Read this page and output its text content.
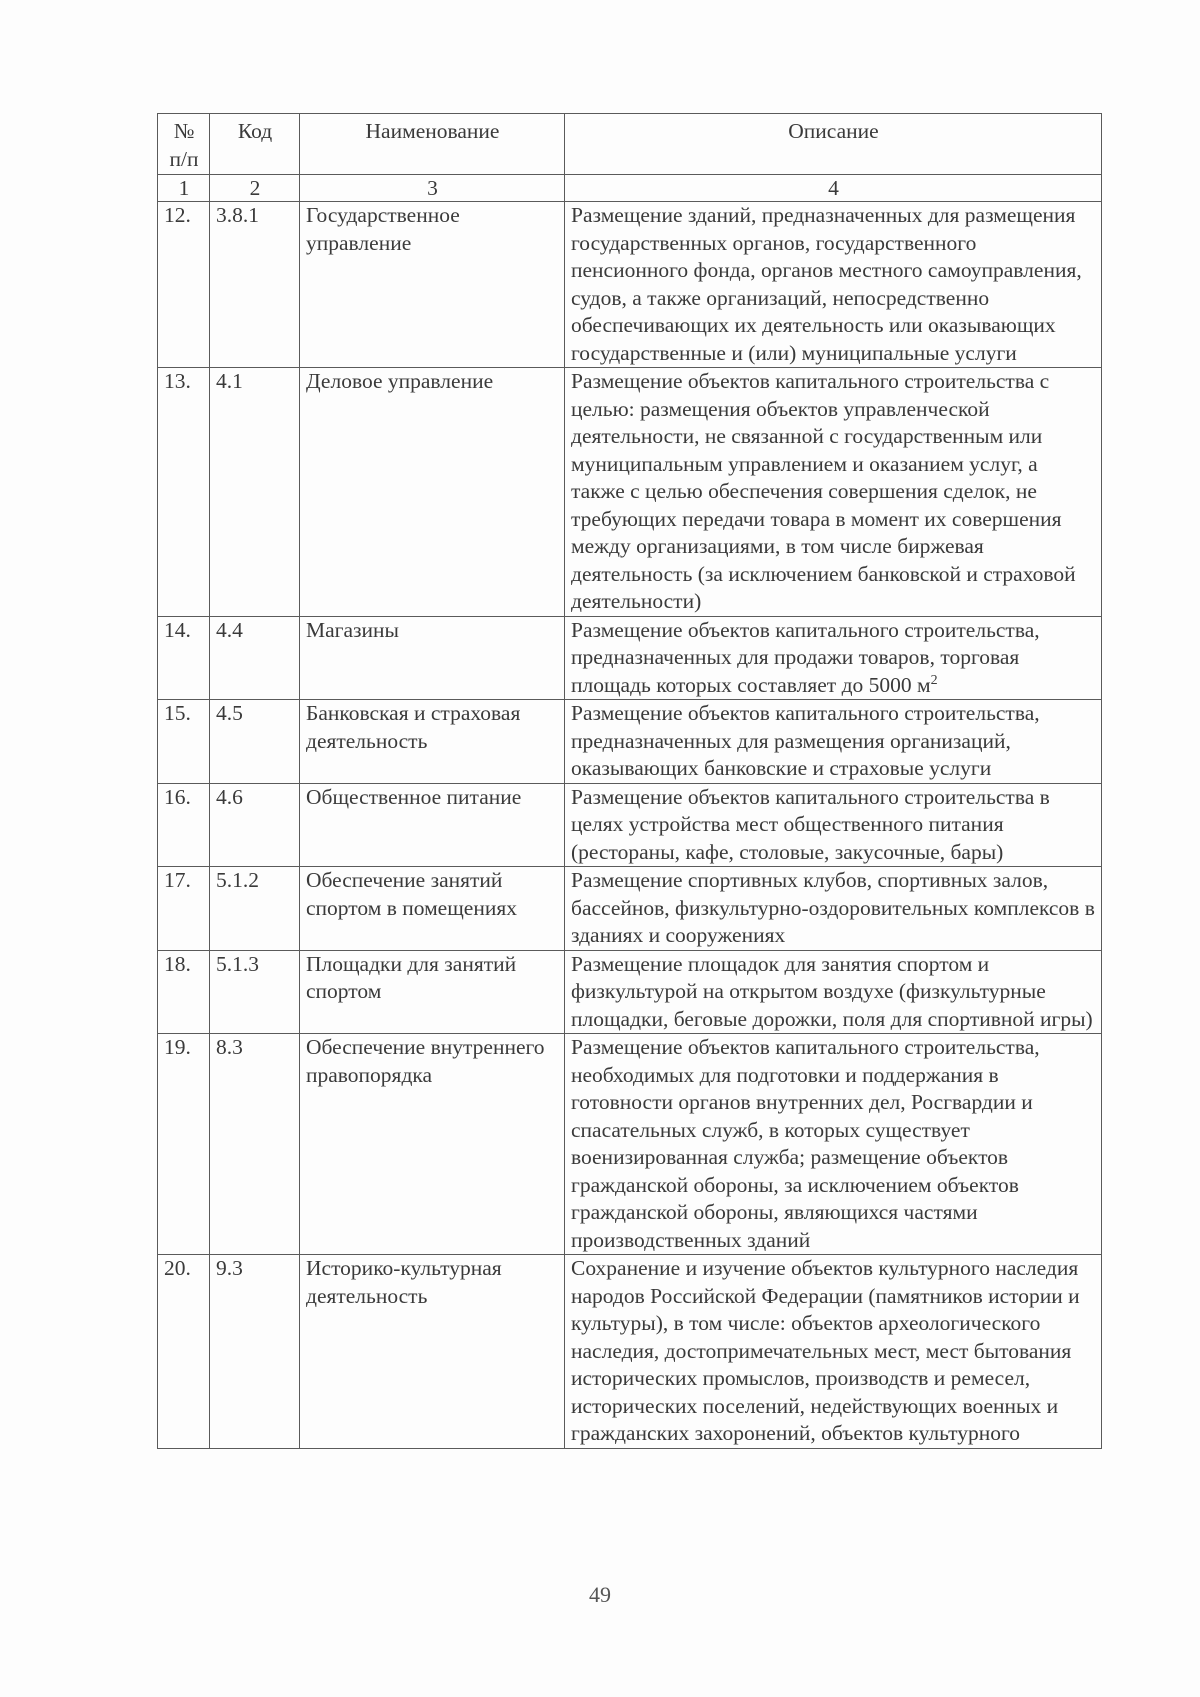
№ п/п	Код	Наименование	Описание
1	2	3	4
12.	3.8.1	Государственное управление	Размещение зданий, предназначенных для размещения государственных органов, государственного пенсионного фонда, органов местного самоуправления, судов, а также организаций, непосредственно обеспечивающих их деятельность или оказывающих государственные и (или) муниципальные услуги
13.	4.1	Деловое управление	Размещение объектов капитального строительства с целью: размещения объектов управленческой деятельности, не связанной с государственным или муниципальным управлением и оказанием услуг, а также с целью обеспечения совершения сделок, не требующих передачи товара в момент их совершения между организациями, в том числе биржевая деятельность (за исключением банковской и страховой деятельности)
14.	4.4	Магазины	Размещение объектов капитального строительства, предназначенных для продажи товаров, торговая площадь которых составляет до 5000 $м^2$
15.	4.5	Банковская и страховая деятельность	Размещение объектов капитального строительства, предназначенных для размещения организаций, оказывающих банковские и страховые услуги
16.	4.6	Общественное питание	Размещение объектов капитального строительства в целях устройства мест общественного питания (рестораны, кафе, столовые, закусочные, бары)
17.	5.1.2	Обеспечение занятий спортом в помещениях	Размещение спортивных клубов, спортивных залов, бассейнов, физкультурно-оздоровительных комплексов в зданиях и сооружениях
18.	5.1.3	Площадки для занятий спортом	Размещение площадок для занятия спортом и физкультурой на открытом воздухе (физкультурные площадки, беговые дорожки, поля для спортивной игры)
19.	8.3	Обеспечение внутреннего правопорядка	Размещение объектов капитального строительства, необходимых для подготовки и поддержания в готовности органов внутренних дел, Росгвардии и спасательных служб, в которых существует военизированная служба; размещение объектов гражданской обороны, за исключением объектов гражданской обороны, являющихся частями производственных зданий
20.	9.3	Историко-культурная деятельность	Сохранение и изучение объектов культурного наследия народов Российской Федерации (памятников истории и культуры), в том числе: объектов археологического наследия, достопримечательных мест, мест бытования исторических промыслов, производств и ремесел, исторических поселений, недействующих военных и гражданских захоронений, объектов культурного
49
